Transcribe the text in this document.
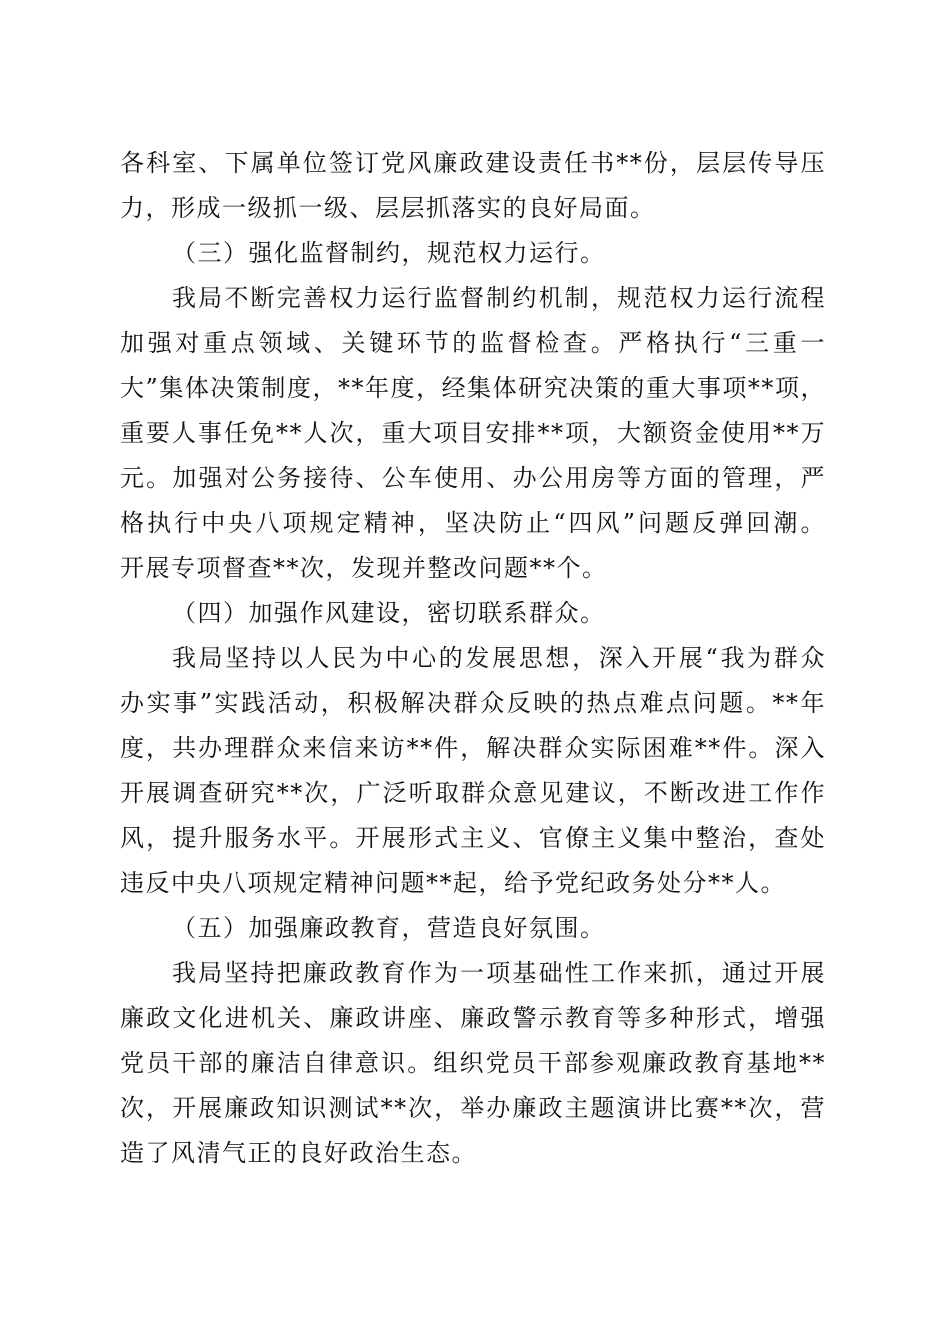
各科室、下属单位签订党风廉政建设责任书**份，层层传导压
力，形成一级抓一级、层层抓落实的良好局面。
（三）强化监督制约，规范权力运行。
我局不断完善权力运行监督制约机制，规范权力运行流程
加强对重点领域、关键环节的监督检查。严格执行“三重一
大”集体决策制度，**年度，经集体研究决策的重大事项**项，
重要人事任免**人次，重大项目安排**项，大额资金使用**万
元。加强对公务接待、公车使用、办公用房等方面的管理，严
格执行中央八项规定精神，坚决防止“四风”问题反弹回潮。
开展专项督查**次，发现并整改问题**个。
（四）加强作风建设，密切联系群众。
我局坚持以人民为中心的发展思想，深入开展“我为群众
办实事”实践活动，积极解决群众反映的热点难点问题。**年
度，共办理群众来信来访**件，解决群众实际困难**件。深入
开展调查研究**次，广泛听取群众意见建议，不断改进工作作
风，提升服务水平。开展形式主义、官僚主义集中整治，查处
违反中央八项规定精神问题**起，给予党纪政务处分**人。
（五）加强廉政教育，营造良好氛围。
我局坚持把廉政教育作为一项基础性工作来抓，通过开展
廉政文化进机关、廉政讲座、廉政警示教育等多种形式，增强
党员干部的廉洁自律意识。组织党员干部参观廉政教育基地**
次，开展廉政知识测试**次，举办廉政主题演讲比赛**次，营
造了风清气正的良好政治生态。
